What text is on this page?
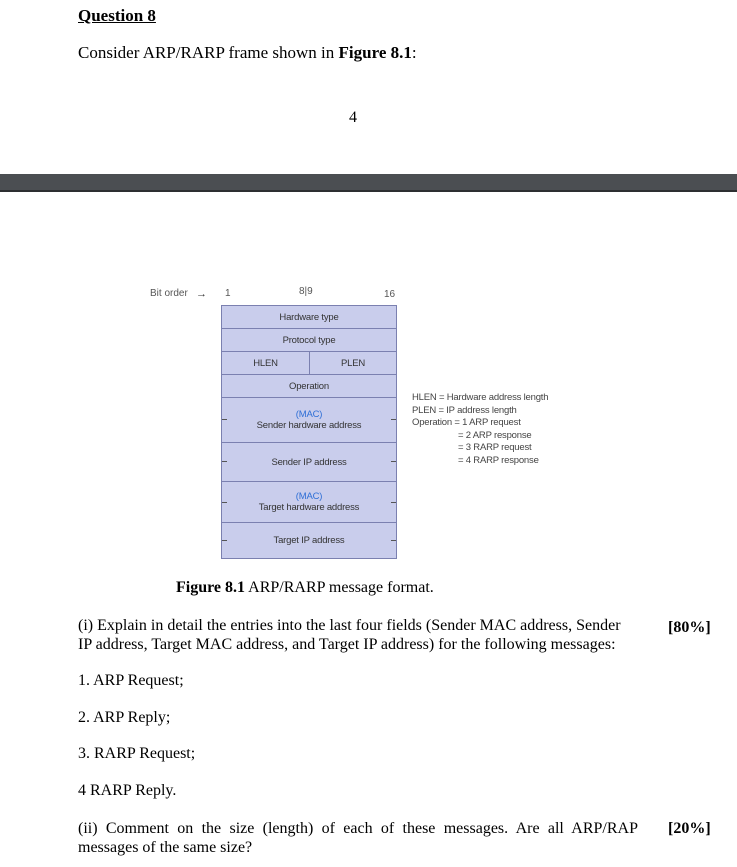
Question 8
Consider ARP/RARP frame shown in Figure 8.1:
4
Bit order → 1	8|9	16
Hardware type
Protocol type
HLEN	PLEN
Operation
(MAC)
Sender hardware address
Sender IP address
(MAC)
Target hardware address
Target IP address
HLEN = Hardware address length
PLEN = IP address length
Operation = 1 ARP request
= 2 ARP response
= 3 RARP request
= 4 RARP response
Figure 8.1 ARP/RARP message format.
(i) Explain in detail the entries into the last four fields (Sender MAC address, Sender IP address, Target MAC address, and Target IP address) for the following messages:
[80%]
1. ARP Request;
2. ARP Reply;
3. RARP Request;
4 RARP Reply.
(ii) Comment on the size (length) of each of these messages. Are all ARP/RAP messages of the same size?
[20%]
